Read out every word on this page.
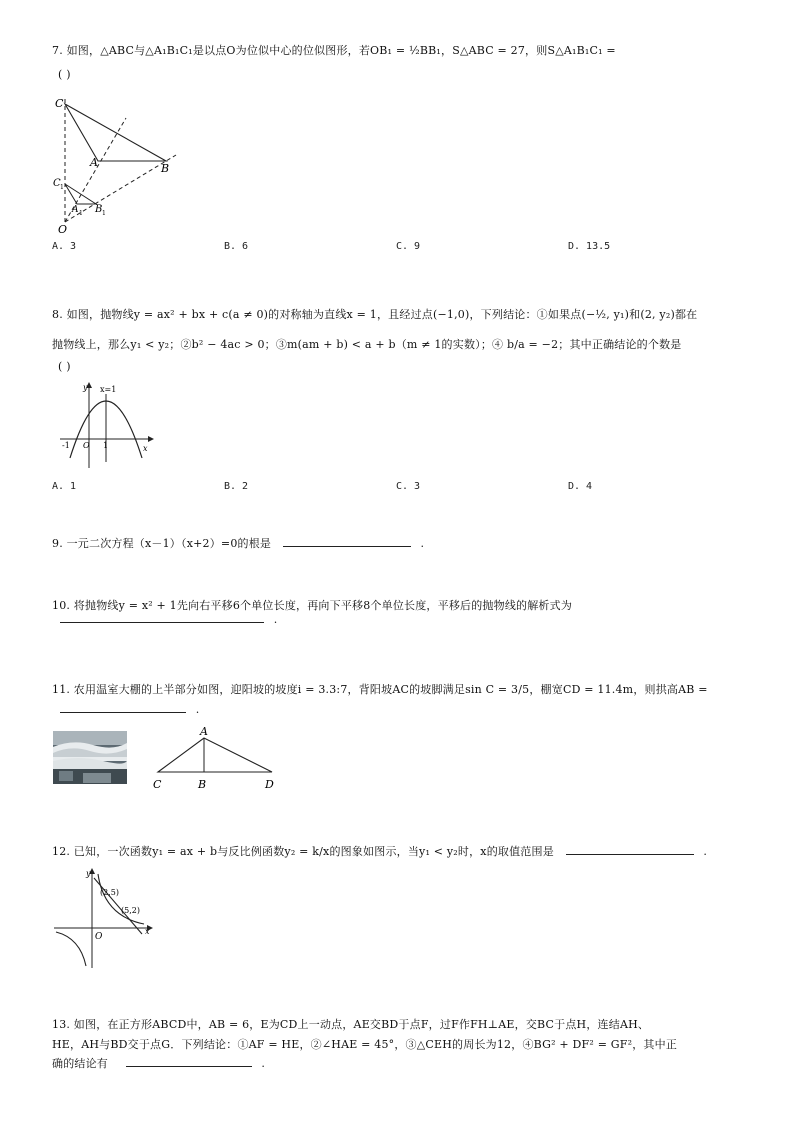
7. 如图，△ABC与△A₁B₁C₁是以点O为位似中心的位似图形，若OB₁ = ½BB₁，S△ABC = 27，则S△A₁B₁C₁ =
( )
C
A	B
C 1
A 1 B 1
O
A. 3	B. 6	C. 9	D. 13.5
8. 如图，抛物线y = ax² + bx + c(a ≠ 0)的对称轴为直线x = 1，且经过点(−1,0)，下列结论：①如果点(−½, y₁)和(2, y₂)都在
抛物线上，那么y₁ < y₂；②b² − 4ac > 0；③m(am + b) < a + b（m ≠ 1的实数）；④ b/a = −2；其中正确结论的个数是
( )
y
x
x=1
-1 O 1
A. 1	B. 2	C. 3	D. 4
9. 一元二次方程（x－1）（x+2）=0的根是	.
10. 将抛物线y = x² + 1先向右平移6个单位长度，再向下平移8个单位长度，平移后的抛物线的解析式为
.
11. 农用温室大棚的上半部分如图，迎阳坡的坡度i = 3.3:7，背阳坡AC的坡脚满足sin C = 3/5，棚宽CD = 11.4m，则拱高AB =
.
A
C	B	D
12. 已知，一次函数y₁ = ax + b与反比例函数y₂ = k/x的图象如图示，当y₁ < y₂时，x的取值范围是	.
y
x
O
(2,5)
(5,2)
13. 如图，在正方形ABCD中，AB = 6，E为CD上一动点，AE交BD于点F，过F作FH⊥AE，交BC于点H，连结AH、
HE，AH与BD交于点G．下列结论：①AF = HE，②∠HAE = 45°，③△CEH的周长为12，④BG² + DF² = GF²，其中正
确的结论有	.
